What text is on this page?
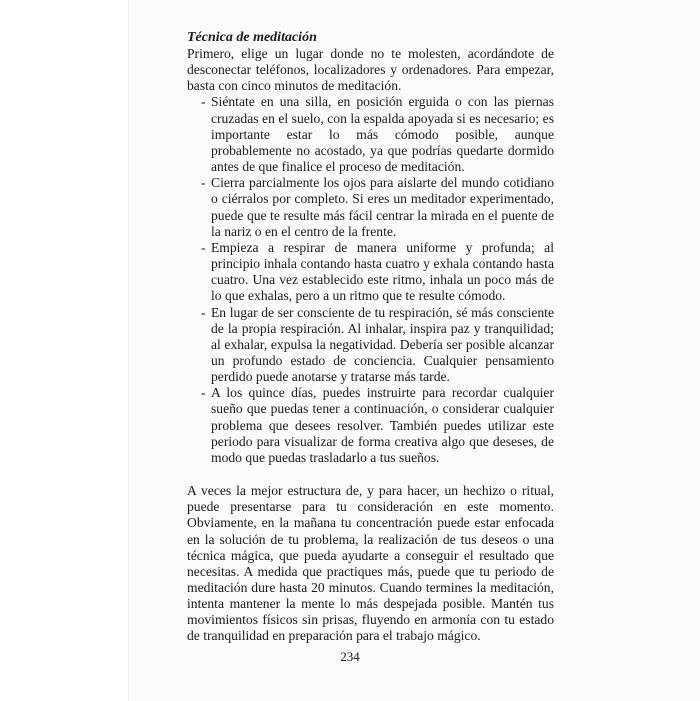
Técnica de meditación

Primero, elige un lugar donde no te molesten, acordándote de desconectar teléfonos, localizadores y ordenadores. Para empezar, basta con cinco minutos de meditación.

- Siéntate en una silla, en posición erguida o con las piernas cruzadas en el suelo, con la espalda apoyada si es necesario; es importante estar lo más cómodo posible, aunque probablemente no acostado, ya que podrías quedarte dormido antes de que finalice el proceso de meditación.
- Cierra parcialmente los ojos para aislarte del mundo cotidiano o ciérralos por completo. Si eres un meditador experimentado, puede que te resulte más fácil centrar la mirada en el puente de la nariz o en el centro de la frente.
- Empieza a respirar de manera uniforme y profunda; al principio inhala contando hasta cuatro y exhala contando hasta cuatro. Una vez establecido este ritmo, inhala un poco más de lo que exhalas, pero a un ritmo que te resulte cómodo.
- En lugar de ser consciente de tu respiración, sé más consciente de la propia respiración. Al inhalar, inspira paz y tranquilidad; al exhalar, expulsa la negatividad. Debería ser posible alcanzar un profundo estado de conciencia. Cualquier pensamiento perdido puede anotarse y tratarse más tarde.
- A los quince días, puedes instruirte para recordar cualquier sueño que puedas tener a continuación, o considerar cualquier problema que desees resolver. También puedes utilizar este periodo para visualizar de forma creativa algo que deseses, de modo que puedas trasladarlo a tus sueños.

A veces la mejor estructura de, y para hacer, un hechizo o ritual, puede presentarse para tu consideración en este momento. Obviamente, en la mañana tu concentración puede estar enfocada en la solución de tu problema, la realización de tus deseos o una técnica mágica, que pueda ayudarte a conseguir el resultado que necesitas. A medida que practiques más, puede que tu periodo de meditación dure hasta 20 minutos. Cuando termines la meditación, intenta mantener la mente lo más despejada posible. Mantén tus movimientos físicos sin prisas, fluyendo en armonía con tu estado de tranquilidad en preparación para el trabajo mágico.

234
